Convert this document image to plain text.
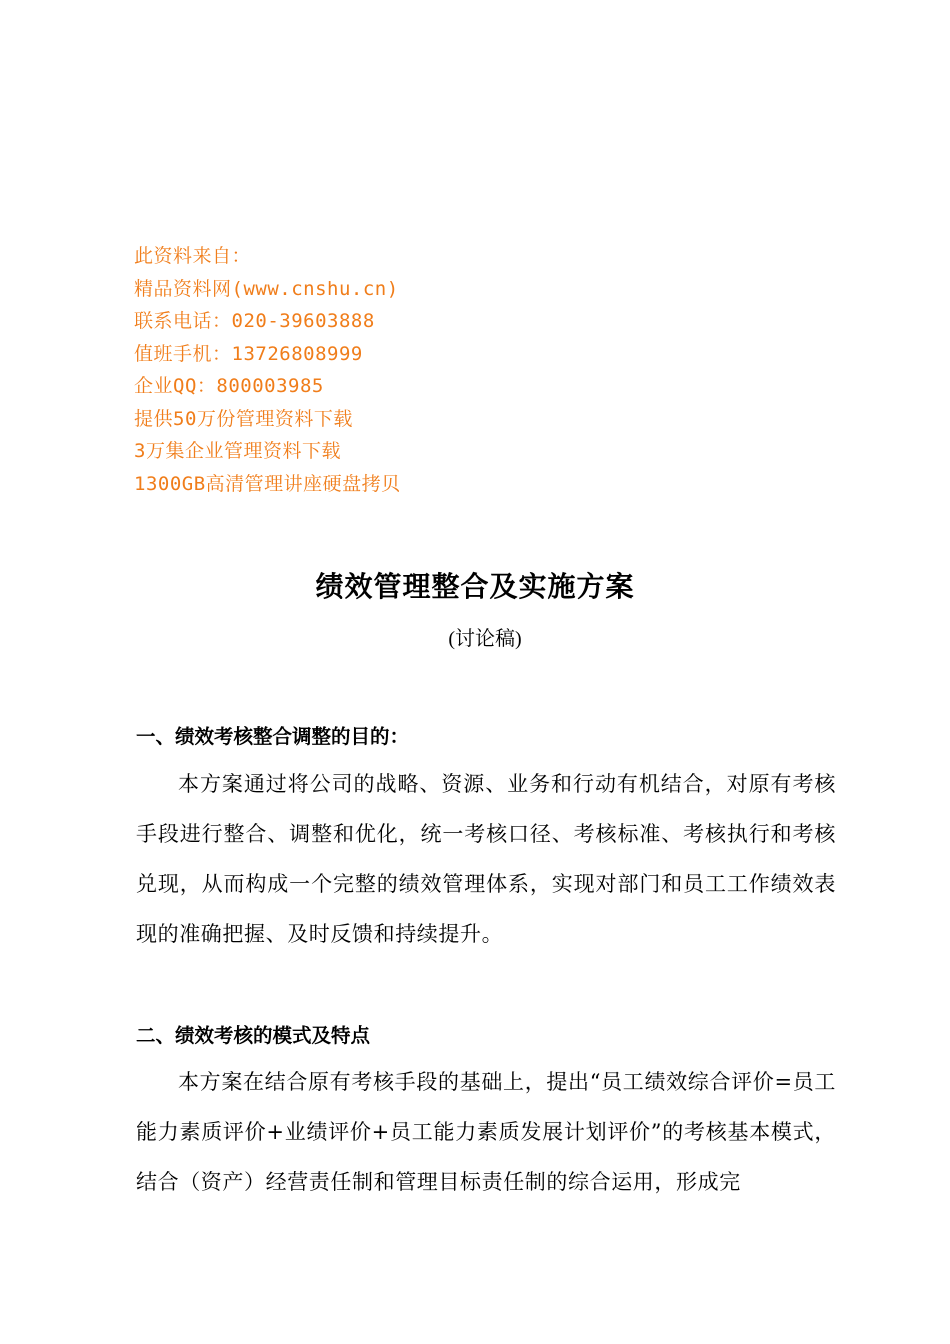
此资料来自：
精品资料网(www.cnshu.cn)
联系电话：020-39603888
值班手机：13726808999
企业QQ：800003985
提供50万份管理资料下载
3万集企业管理资料下载
1300GB高清管理讲座硬盘拷贝
绩效管理整合及实施方案
(讨论稿)
一、绩效考核整合调整的目的：
本方案通过将公司的战略、资源、业务和行动有机结合，对原有考核手段进行整合、调整和优化，统一考核口径、考核标准、考核执行和考核兑现，从而构成一个完整的绩效管理体系，实现对部门和员工工作绩效表现的准确把握、及时反馈和持续提升。
二、绩效考核的模式及特点
本方案在结合原有考核手段的基础上，提出“员工绩效综合评价=员工能力素质评价+业绩评价+员工能力素质发展计划评价”的考核基本模式，结合（资产）经营责任制和管理目标责任制的综合运用，形成完
